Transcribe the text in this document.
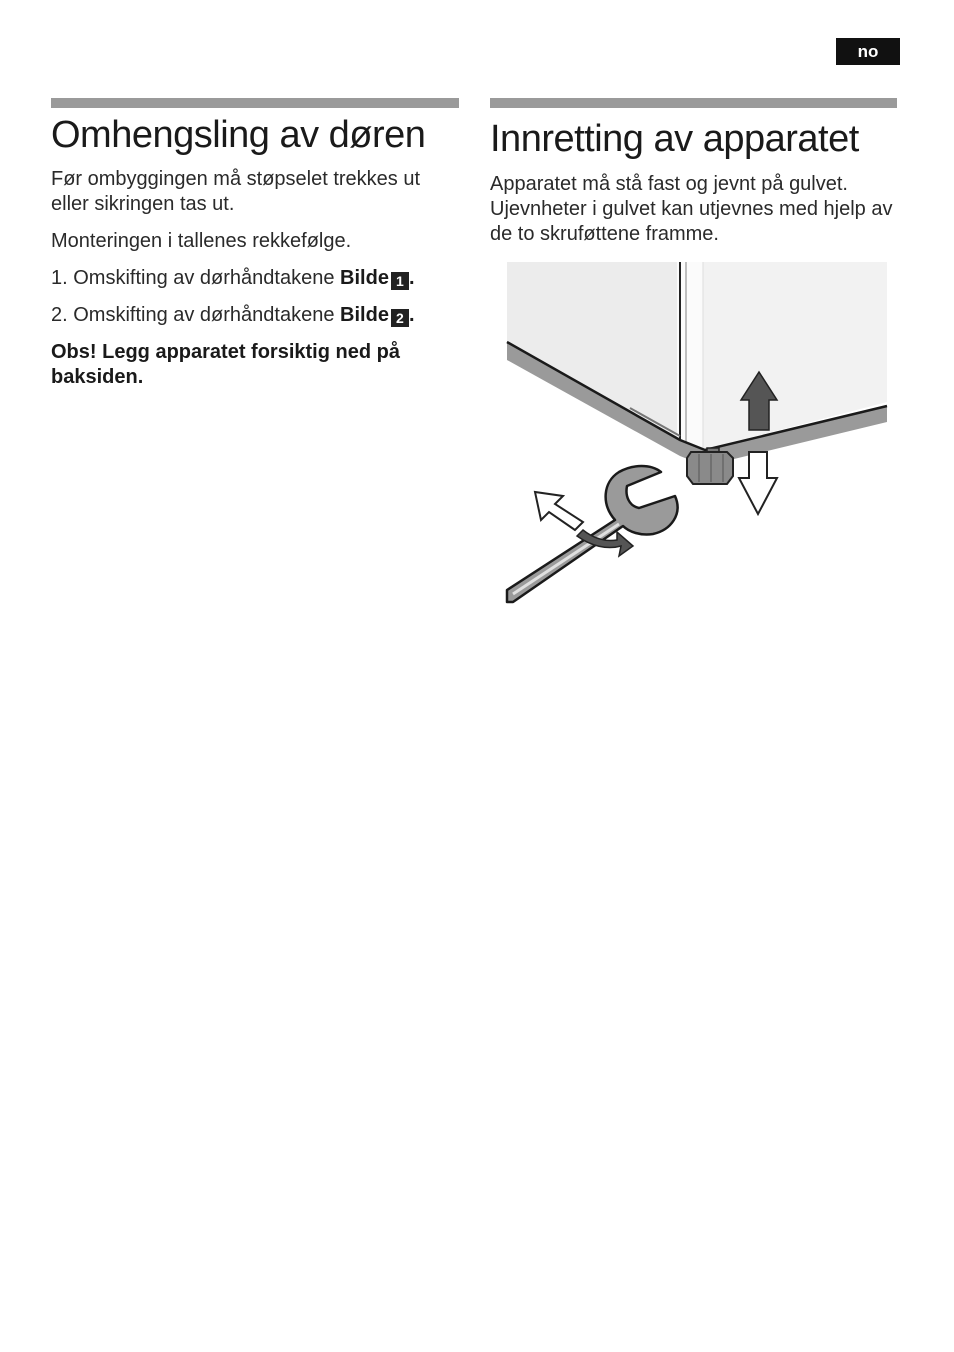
no
Omhengsling av døren Innretting av apparatet

Før ombyggingen må støpselet trekkes ut eller sikringen tas ut.

Monteringen i tallenes rekkefølge.

1. Omskifting av dørhåndtakene Bilde 1 .

2. Omskifting av dørhåndtakene Bilde 2 .

Obs! Legg apparatet forsiktig ned på baksiden.

Apparatet må stå fast og jevnt på gulvet. Ujevnheter i gulvet kan utjevnes med hjelp av de to skruføttene framme.
